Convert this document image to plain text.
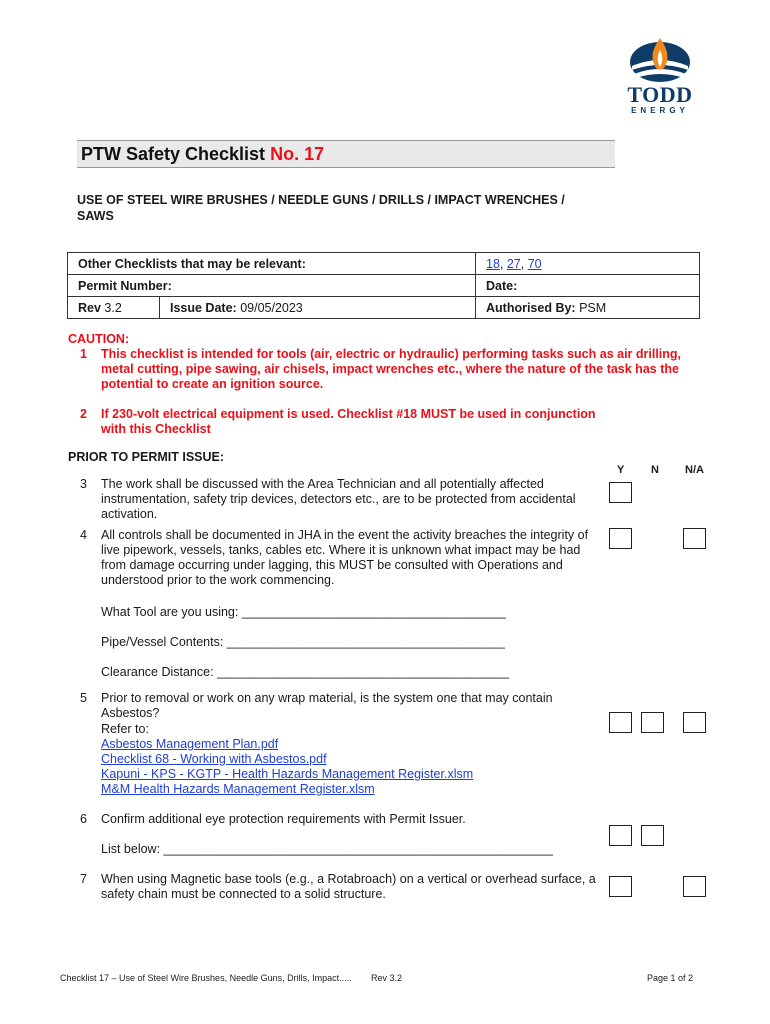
TODD
ENERGY
PTW Safety Checklist No. 17
USE OF STEEL WIRE BRUSHES / NEEDLE GUNS / DRILLS / IMPACT WRENCHES / SAWS
Other Checklists that may be relevant:		18, 27, 70
Permit Number:		Date:
Rev 3.2	Issue Date: 09/05/2023	Authorised By: PSM
CAUTION:
1 This checklist is intended for tools (air, electric or hydraulic) performing tasks such as air drilling, metal cutting, pipe sawing, air chisels, impact wrenches etc., where the nature of the task has the potential to create an ignition source.
2 If 230-volt electrical equipment is used. Checklist #18 MUST be used in conjunction with this Checklist
PRIOR TO PERMIT ISSUE:
Y N N/A
3 The work shall be discussed with the Area Technician and all potentially affected instrumentation, safety trip devices, detectors etc., are to be protected from accidental activation.
4 All controls shall be documented in JHA in the event the activity breaches the integrity of live pipework, vessels, tanks, cables etc. Where it is unknown what impact may be had from damage occurring under lagging, this MUST be consulted with Operations and understood prior to the work commencing.
What Tool are you using: ______________________________________
Pipe/Vessel Contents: ________________________________________
Clearance Distance: __________________________________________
5 Prior to removal or work on any wrap material, is the system one that may contain Asbestos?
Refer to:
Asbestos Management Plan.pdf
Checklist 68 - Working with Asbestos.pdf
Kapuni - KPS - KGTP - Health Hazards Management Register.xlsm
M&M Health Hazards Management Register.xlsm
6 Confirm additional eye protection requirements with Permit Issuer.
List below: ________________________________________________________
7 When using Magnetic base tools (e.g., a Rotabroach) on a vertical or overhead surface, a safety chain must be connected to a solid structure.
Checklist 17 – Use of Steel Wire Brushes, Needle Guns, Drills, Impact..... Rev 3.2	Page 1 of 2
